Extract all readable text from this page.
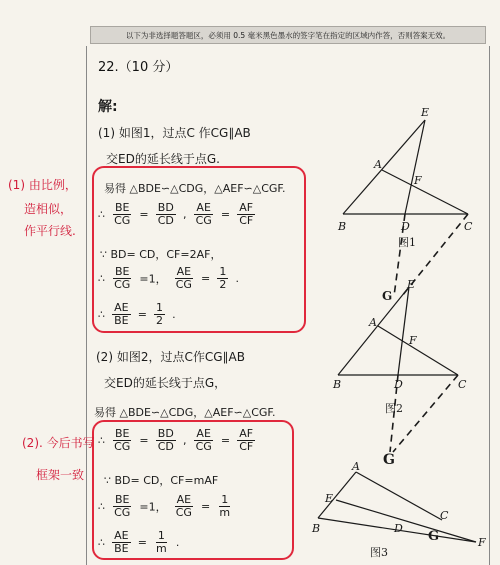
以下为非选择题答题区，必须用 0.5 毫米黑色墨水的签字笔在指定的区域内作答，否则答案无效。
22.（10 分）
解:
(1) 如图1，过点C 作CG∥AB
交ED的延长线于点G.
易得 △BDE∽△CDG，△AEF∽△CGF.
∴ $\frac{BE}{CG} = \frac{BD}{CD}$ , $\frac{AE}{CG} = \frac{AF}{CF}$
∵ BD= CD，CF=2AF，
∴ $\frac{BE}{CG} =1$， $\frac{AE}{CG} = \frac{1}{2}$ .
∴ $\frac{AE}{BE} = \frac{1}{2}$ .
(2) 如图2，过点C作CG∥AB
交ED的延长线于点G，
易得 △BDE∽△CDG，△AEF∽△CGF.
∴ $\frac{BE}{CG} = \frac{BD}{CD}$ , $\frac{AE}{CG} = \frac{AF}{CF}$
∵ BD= CD，CF=mAF
∴ $\frac{BE}{CG} =1$， $\frac{AE}{CG} = \frac{1}{m}$
∴ $\frac{AE}{BE} = \frac{1}{m}$ .
(1) 由比例，
造相似，
作平行线.
(2). 今后书写
框架一致
E
A
F
B	D	C
图1
E
A
F
B	D	C
G
图2
G
A
E
B	D
C
F
G
图3
